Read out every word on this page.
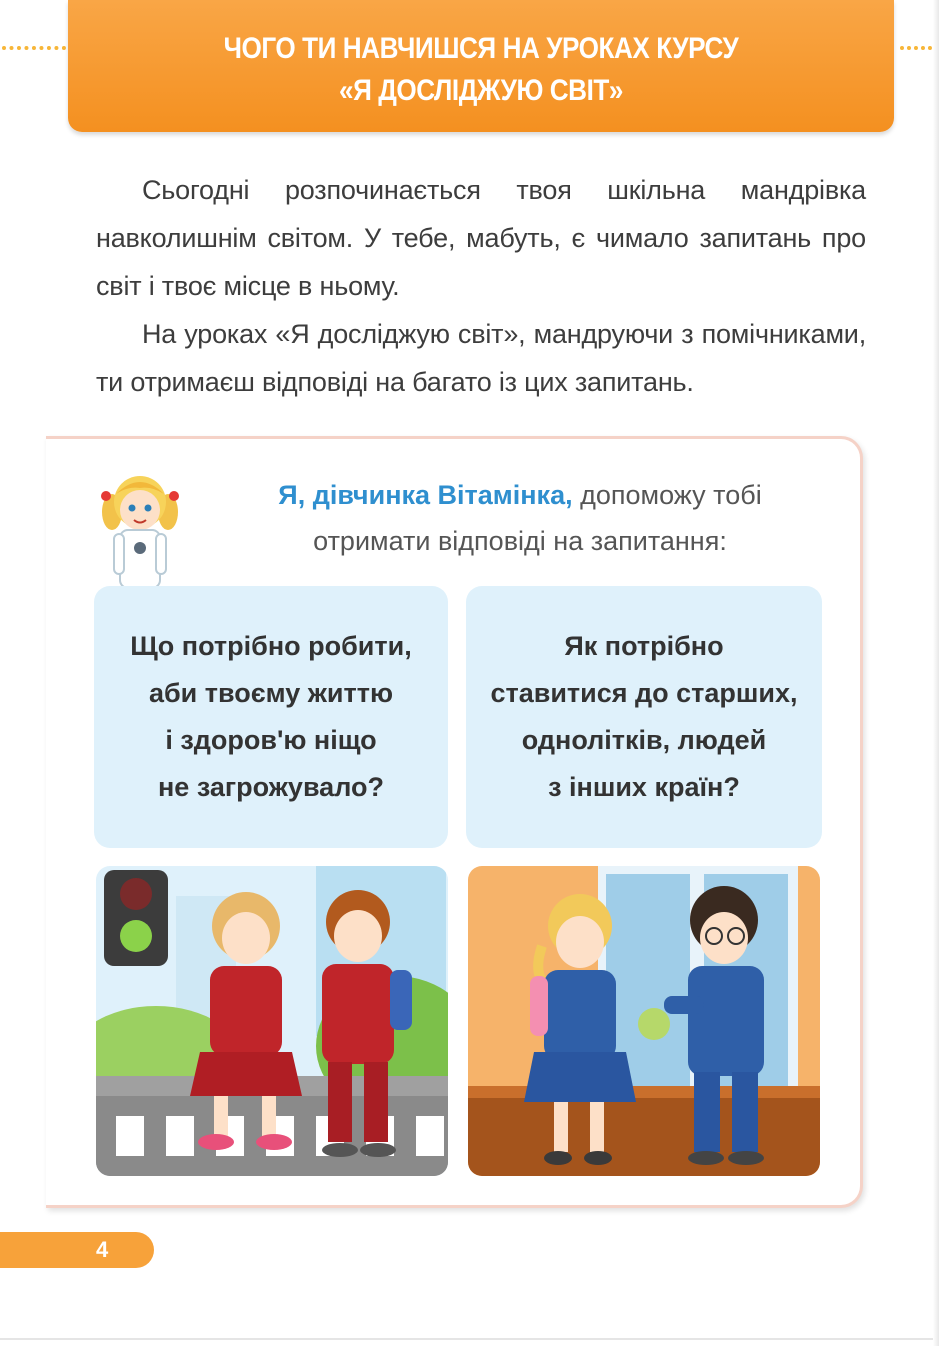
ЧОГО ТИ НАВЧИШСЯ НА УРОКАХ КУРСУ
«Я ДОСЛІДЖУЮ СВІТ»

Сьогодні розпочинається твоя шкільна мандрівка навколишнім світом. У тебе, мабуть, є чимало запитань про світ і твоє місце в ньому.

На уроках «Я досліджую світ», мандруючи з помічниками, ти отримаєш відповіді на багато із цих запитань.

Я, дівчинка Вітамінка, допоможу тобі
отримати відповіді на запитання:
Що потрібно робити,
аби твоєму життю
і здоров'ю ніщо
не загрожувало?
Як потрібно
ставитися до старших,
однолітків, людей
з інших країн?
4
